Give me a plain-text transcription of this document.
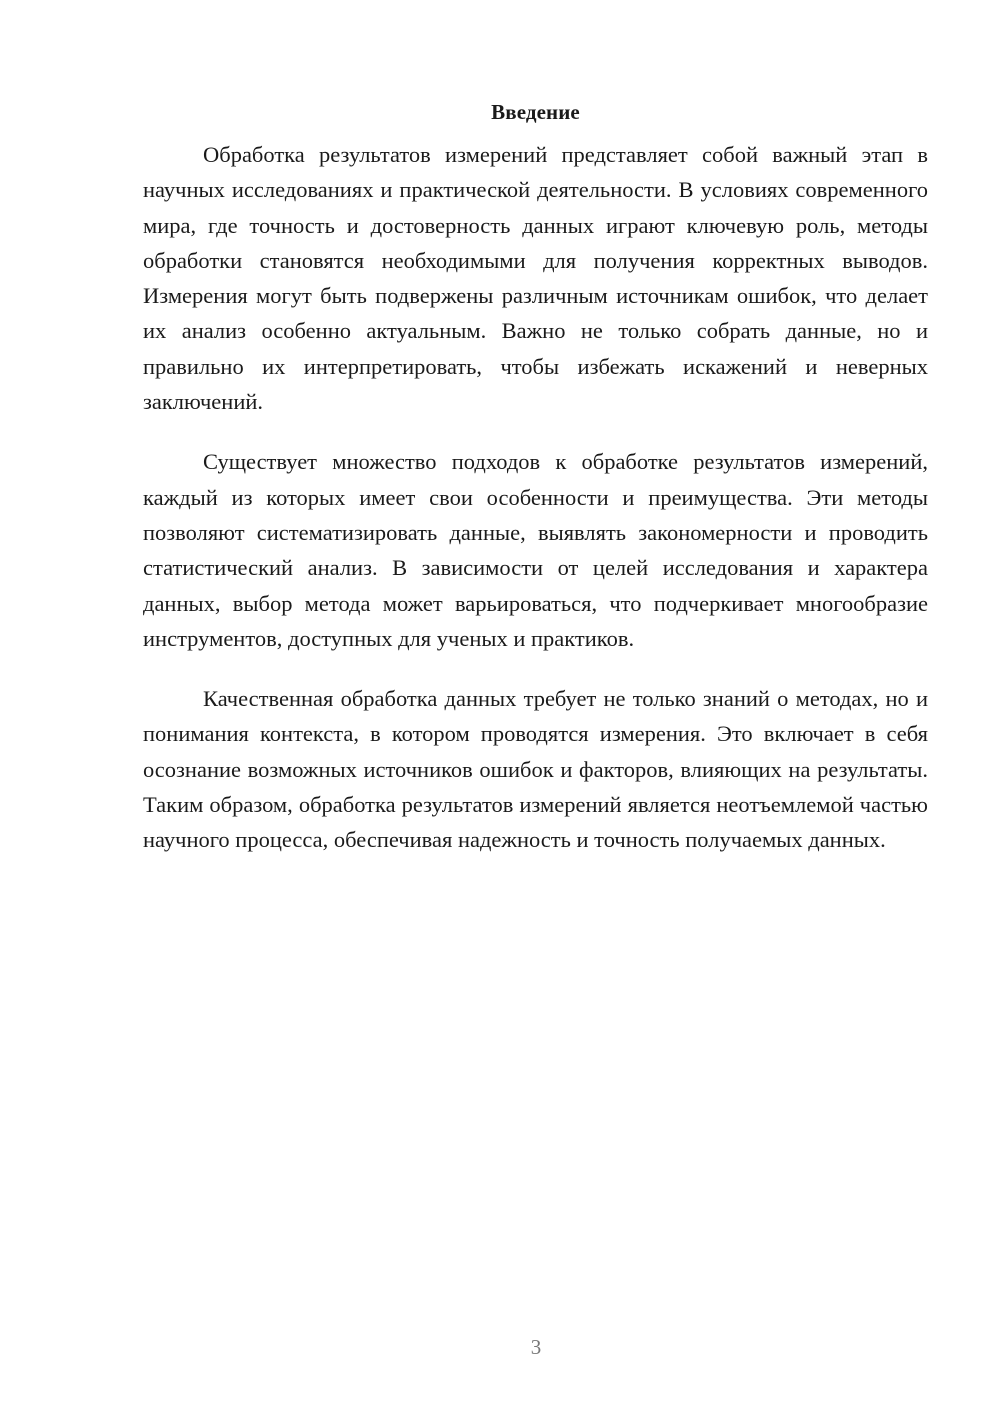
Введение

Обработка результатов измерений представляет собой важный этап в научных исследованиях и практической деятельности. В условиях современного мира, где точность и достоверность данных играют ключевую роль, методы обработки становятся необходимыми для получения корректных выводов. Измерения могут быть подвержены различным источникам ошибок, что делает их анализ особенно актуальным. Важно не только собрать данные, но и правильно их интерпретировать, чтобы избежать искажений и неверных заключений.

Существует множество подходов к обработке результатов измерений, каждый из которых имеет свои особенности и преимущества. Эти методы позволяют систематизировать данные, выявлять закономерности и проводить статистический анализ. В зависимости от целей исследования и характера данных, выбор метода может варьироваться, что подчеркивает многообразие инструментов, доступных для ученых и практиков.

Качественная обработка данных требует не только знаний о методах, но и понимания контекста, в котором проводятся измерения. Это включает в себя осознание возможных источников ошибок и факторов, влияющих на результаты. Таким образом, обработка результатов измерений является неотъемлемой частью научного процесса, обеспечивая надежность и точность получаемых данных.

3
